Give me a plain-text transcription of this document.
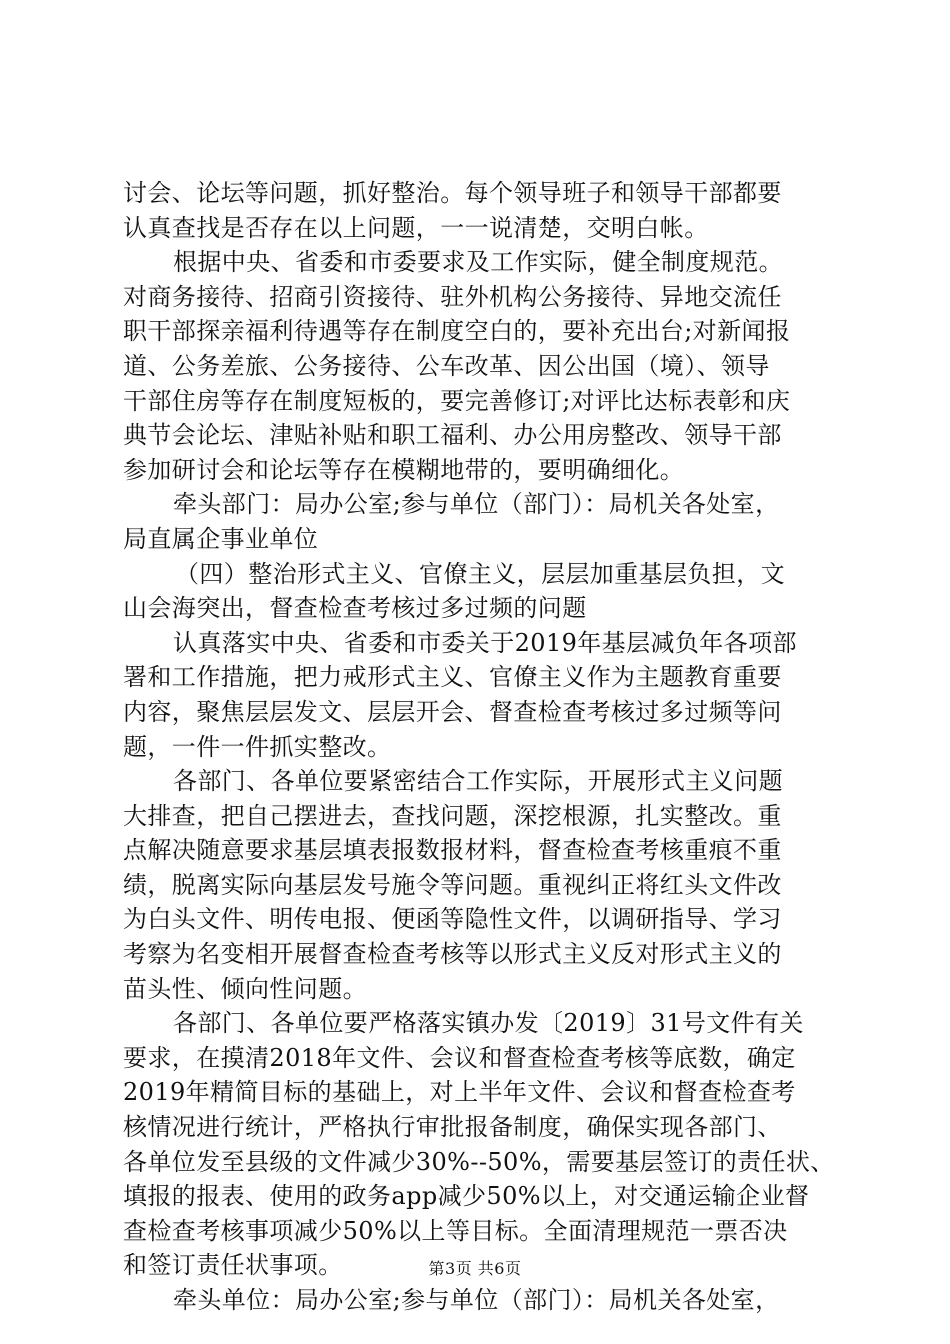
讨会、论坛等问题，抓好整治。每个领导班子和领导干部都要
认真查找是否存在以上问题，一一说清楚，交明白帐。
根据中央、省委和市委要求及工作实际，健全制度规范。
对商务接待、招商引资接待、驻外机构公务接待、异地交流任
职干部探亲福利待遇等存在制度空白的，要补充出台;对新闻报
道、公务差旅、公务接待、公车改革、因公出国（境）、领导
干部住房等存在制度短板的，要完善修订;对评比达标表彰和庆
典节会论坛、津贴补贴和职工福利、办公用房整改、领导干部
参加研讨会和论坛等存在模糊地带的，要明确细化。
牵头部门：局办公室;参与单位（部门）：局机关各处室，
局直属企事业单位
（四）整治形式主义、官僚主义，层层加重基层负担，文
山会海突出，督查检查考核过多过频的问题
认真落实中央、省委和市委关于2019年基层减负年各项部
署和工作措施，把力戒形式主义、官僚主义作为主题教育重要
内容，聚焦层层发文、层层开会、督查检查考核过多过频等问
题，一件一件抓实整改。
各部门、各单位要紧密结合工作实际，开展形式主义问题
大排查，把自己摆进去，查找问题，深挖根源，扎实整改。重
点解决随意要求基层填表报数报材料，督查检查考核重痕不重
绩，脱离实际向基层发号施令等问题。重视纠正将红头文件改
为白头文件、明传电报、便函等隐性文件，以调研指导、学习
考察为名变相开展督查检查考核等以形式主义反对形式主义的
苗头性、倾向性问题。
各部门、各单位要严格落实镇办发〔2019〕31号文件有关
要求，在摸清2018年文件、会议和督查检查考核等底数，确定
2019年精简目标的基础上，对上半年文件、会议和督查检查考
核情况进行统计，严格执行审批报备制度，确保实现各部门、
各单位发至县级的文件减少30%--50%，需要基层签订的责任状、
填报的报表、使用的政务app减少50%以上，对交通运输企业督
查检查考核事项减少50%以上等目标。全面清理规范一票否决
和签订责任状事项。
牵头单位：局办公室;参与单位（部门）：局机关各处室，
第3页 共6页
